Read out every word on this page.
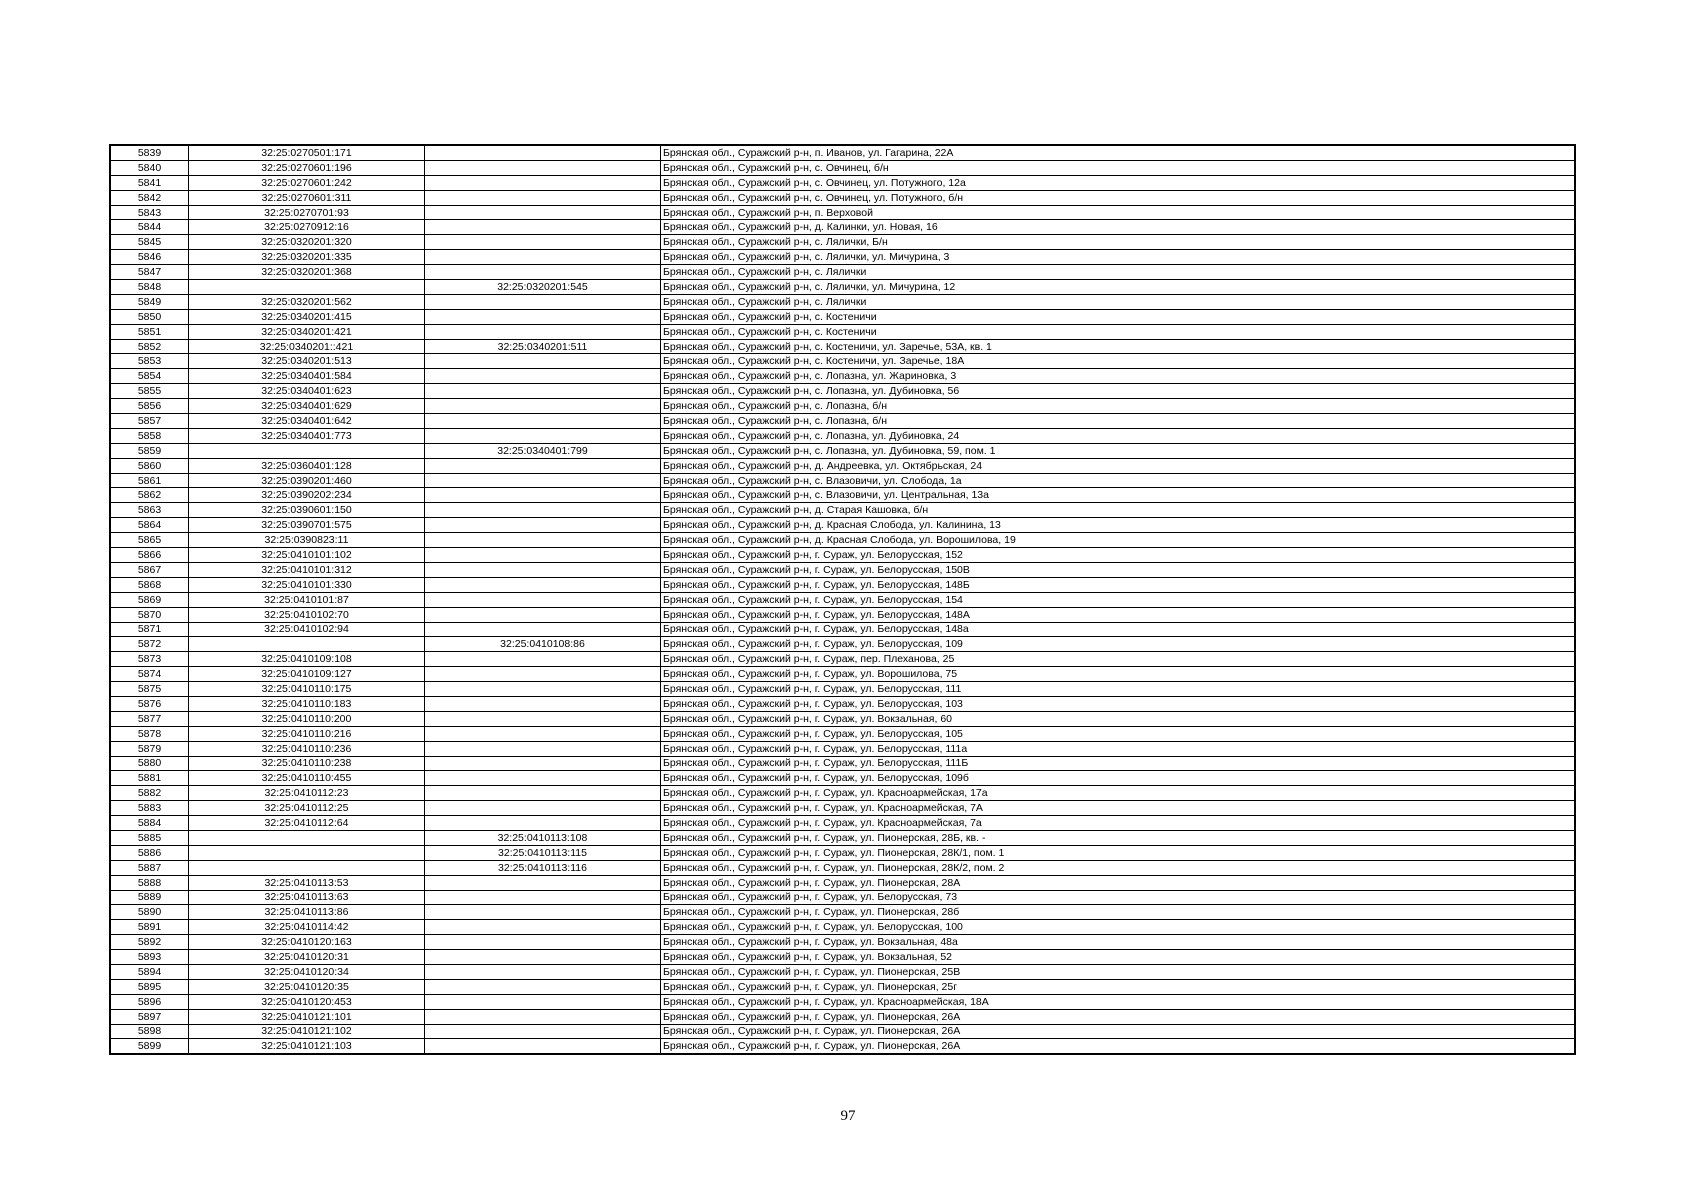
5839	32:25:0270501:171		Брянская обл., Суражский р-н, п. Иванов, ул. Гагарина, 22А
5840	32:25:0270601:196		Брянская обл., Суражский р-н, с. Овчинец, б/н
5841	32:25:0270601:242		Брянская обл., Суражский р-н, с. Овчинец, ул. Потужного, 12а
5842	32:25:0270601:311		Брянская обл., Суражский р-н, с. Овчинец, ул. Потужного, б/н
5843	32:25:0270701:93		Брянская обл., Суражский р-н, п. Верховой
5844	32:25:0270912:16		Брянская обл., Суражский р-н, д. Калинки, ул. Новая, 16
5845	32:25:0320201:320		Брянская обл., Суражский р-н, с. Лялички, Б/н
5846	32:25:0320201:335		Брянская обл., Суражский р-н, с. Лялички, ул. Мичурина, 3
5847	32:25:0320201:368		Брянская обл., Суражский р-н, с. Лялички
5848		32:25:0320201:545	Брянская обл., Суражский р-н, с. Лялички, ул. Мичурина, 12
5849	32:25:0320201:562		Брянская обл., Суражский р-н, с. Лялички
5850	32:25:0340201:415		Брянская обл., Суражский р-н, с. Костеничи
5851	32:25:0340201:421		Брянская обл., Суражский р-н, с. Костеничи
5852	32:25:0340201::421	32:25:0340201:511	Брянская обл., Суражский р-н, с. Костеничи, ул. Заречье, 53А, кв. 1
5853	32:25:0340201:513		Брянская обл., Суражский р-н, с. Костеничи, ул. Заречье, 18А
5854	32:25:0340401:584		Брянская обл., Суражский р-н, с. Лопазна, ул. Жариновка, 3
5855	32:25:0340401:623		Брянская обл., Суражский р-н, с. Лопазна, ул. Дубиновка, 56
5856	32:25:0340401:629		Брянская обл., Суражский р-н, с. Лопазна, б/н
5857	32:25:0340401:642		Брянская обл., Суражский р-н, с. Лопазна, б/н
5858	32:25:0340401:773		Брянская обл., Суражский р-н, с. Лопазна, ул. Дубиновка, 24
5859		32:25:0340401:799	Брянская обл., Суражский р-н, с. Лопазна, ул. Дубиновка, 59, пом. 1
5860	32:25:0360401:128		Брянская обл., Суражский р-н, д. Андреевка, ул. Октябрьская, 24
5861	32:25:0390201:460		Брянская обл., Суражский р-н, с. Влазовичи, ул. Слобода, 1а
5862	32:25:0390202:234		Брянская обл., Суражский р-н, с. Влазовичи, ул. Центральная, 13а
5863	32:25:0390601:150		Брянская обл., Суражский р-н, д. Старая Кашовка, б/н
5864	32:25:0390701:575		Брянская обл., Суражский р-н, д. Красная Слобода, ул. Калинина, 13
5865	32:25:0390823:11		Брянская обл., Суражский р-н, д. Красная Слобода, ул. Ворошилова, 19
5866	32:25:0410101:102		Брянская обл., Суражский р-н, г. Сураж, ул. Белорусская, 152
5867	32:25:0410101:312		Брянская обл., Суражский р-н, г. Сураж, ул. Белорусская, 150В
5868	32:25:0410101:330		Брянская обл., Суражский р-н, г. Сураж, ул. Белорусская, 148Б
5869	32:25:0410101:87		Брянская обл., Суражский р-н, г. Сураж, ул. Белорусская, 154
5870	32:25:0410102:70		Брянская обл., Суражский р-н, г. Сураж, ул. Белорусская, 148А
5871	32:25:0410102:94		Брянская обл., Суражский р-н, г. Сураж, ул. Белорусская, 148а
5872		32:25:0410108:86	Брянская обл., Суражский р-н, г. Сураж, ул. Белорусская, 109
5873	32:25:0410109:108		Брянская обл., Суражский р-н, г. Сураж, пер. Плеханова, 25
5874	32:25:0410109:127		Брянская обл., Суражский р-н, г. Сураж, ул. Ворошилова, 75
5875	32:25:0410110:175		Брянская обл., Суражский р-н, г. Сураж, ул. Белорусская, 111
5876	32:25:0410110:183		Брянская обл., Суражский р-н, г. Сураж, ул. Белорусская, 103
5877	32:25:0410110:200		Брянская обл., Суражский р-н, г. Сураж, ул. Вокзальная, 60
5878	32:25:0410110:216		Брянская обл., Суражский р-н, г. Сураж, ул. Белорусская, 105
5879	32:25:0410110:236		Брянская обл., Суражский р-н, г. Сураж, ул. Белорусская, 111а
5880	32:25:0410110:238		Брянская обл., Суражский р-н, г. Сураж, ул. Белорусская, 111Б
5881	32:25:0410110:455		Брянская обл., Суражский р-н, г. Сураж, ул. Белорусская, 109б
5882	32:25:0410112:23		Брянская обл., Суражский р-н, г. Сураж, ул. Красноармейская, 17а
5883	32:25:0410112:25		Брянская обл., Суражский р-н, г. Сураж, ул. Красноармейская, 7А
5884	32:25:0410112:64		Брянская обл., Суражский р-н, г. Сураж, ул. Красноармейская, 7а
5885		32:25:0410113:108	Брянская обл., Суражский р-н, г. Сураж, ул. Пионерская, 28Б, кв. -
5886		32:25:0410113:115	Брянская обл., Суражский р-н, г. Сураж, ул. Пионерская, 28К/1, пом. 1
5887		32:25:0410113:116	Брянская обл., Суражский р-н, г. Сураж, ул. Пионерская, 28К/2, пом. 2
5888	32:25:0410113:53		Брянская обл., Суражский р-н, г. Сураж, ул. Пионерская, 28А
5889	32:25:0410113:63		Брянская обл., Суражский р-н, г. Сураж, ул. Белорусская, 73
5890	32:25:0410113:86		Брянская обл., Суражский р-н, г. Сураж, ул. Пионерская, 28б
5891	32:25:0410114:42		Брянская обл., Суражский р-н, г. Сураж, ул. Белорусская, 100
5892	32:25:0410120:163		Брянская обл., Суражский р-н, г. Сураж, ул. Вокзальная, 48а
5893	32:25:0410120:31		Брянская обл., Суражский р-н, г. Сураж, ул. Вокзальная, 52
5894	32:25:0410120:34		Брянская обл., Суражский р-н, г. Сураж, ул. Пионерская, 25В
5895	32:25:0410120:35		Брянская обл., Суражский р-н, г. Сураж, ул. Пионерская, 25г
5896	32:25:0410120:453		Брянская обл., Суражский р-н, г. Сураж, ул. Красноармейская, 18А
5897	32:25:0410121:101		Брянская обл., Суражский р-н, г. Сураж, ул. Пионерская, 26А
5898	32:25:0410121:102		Брянская обл., Суражский р-н, г. Сураж, ул. Пионерская, 26А
5899	32:25:0410121:103		Брянская обл., Суражский р-н, г. Сураж, ул. Пионерская, 26А
97
